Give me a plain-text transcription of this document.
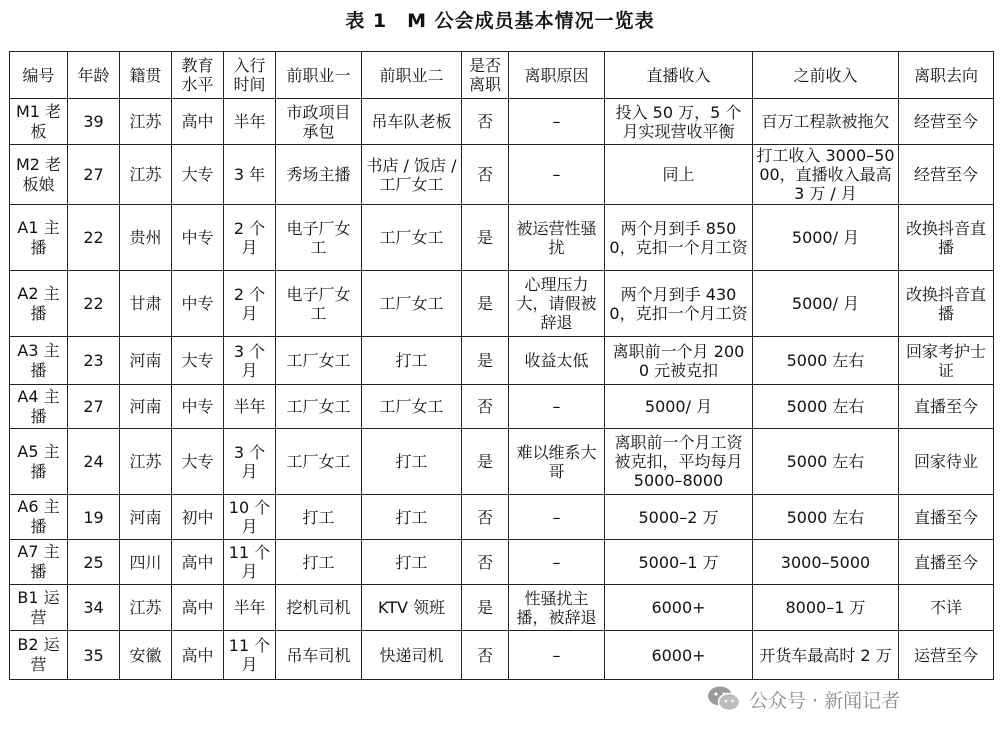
表 1　M 公会成员基本情况一览表
编号	年龄	籍贯	教育水平	入行时间	前职业一	前职业二	是否离职	离职原因	直播收入	之前收入	离职去向
M1 老板	39	江苏	高中	半年	市政项目承包	吊车队老板	否	–	投入 50 万，5 个月实现营收平衡	百万工程款被拖欠	经营至今
M2 老板娘	27	江苏	大专	3 年	秀场主播	书店 / 饭店 / 工厂女工	否	–	同上	打工收入 3000–5000，直播收入最高 3 万 / 月	经营至今
A1 主播	22	贵州	中专	2 个月	电子厂女工	工厂女工	是	被运营性骚扰	两个月到手 8500，克扣一个月工资	5000/ 月	改换抖音直播
A2 主播	22	甘肃	中专	2 个月	电子厂女工	工厂女工	是	心理压力大，请假被辞退	两个月到手 4300，克扣一个月工资	5000/ 月	改换抖音直播
A3 主播	23	河南	大专	3 个月	工厂女工	打工	是	收益太低	离职前一个月 2000 元被克扣	5000 左右	回家考护士证
A4 主播	27	河南	中专	半年	工厂女工	工厂女工	否	–	5000/ 月	5000 左右	直播至今
A5 主播	24	江苏	大专	3 个月	工厂女工	打工	是	难以维系大哥	离职前一个月工资被克扣，平均每月 5000–8000	5000 左右	回家待业
A6 主播	19	河南	初中	10 个月	打工	打工	否	–	5000–2 万	5000 左右	直播至今
A7 主播	25	四川	高中	11 个月	打工	打工	否	–	5000–1 万	3000–5000	直播至今
B1 运营	34	江苏	高中	半年	挖机司机	KTV 领班	是	性骚扰主播，被辞退	6000+	8000–1 万	不详
B2 运营	35	安徽	高中	11 个月	吊车司机	快递司机	否	–	6000+	开货车最高时 2 万	运营至今
公众号 · 新闻记者
